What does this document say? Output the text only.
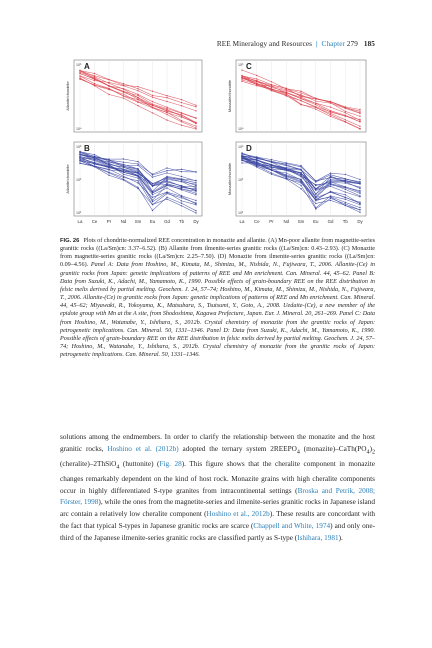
REE Mineralogy and Resources | Chapter 279 185
10⁶
10⁴
A
Allanite/chondrite
10⁶
10⁴
C
Monazite/chondrite
10⁶
10³
10²
B
Allanite/chondrite
La Ce Pr Nd Sm Eu Gd Tb Dy
10⁶
10³
10²
D
Monazite/chondrite
La Ce Pr Nd Sm Eu Gd Tb Dy
FIG. 26 Plots of chondrite-normalized REE concentration in monazite and allanite. (A) Mn-poor allanite from magnetite-series granitic rocks ((La/Sm)cn: 3.37–6.52). (B) Allanite from ilmenite-series granitic rocks ((La/Sm)cn: 0.43–2.93). (C) Monazite from magnetite-series granitic rocks ((La/Sm)cn: 2.25–7.50). (D) Monazite from ilmenite-series granitic rocks ((La/Sm)cn: 0.09–4.56). Panel A: Data from Hoshino, M., Kimata, M., Shimizu, M., Nishida, N., Fujiwara, T., 2006. Allanite-(Ce) in granitic rocks from Japan: genetic implications of patterns of REE and Mn enrichment. Can. Mineral. 44, 45–62. Panel B: Data from Suzuki, K., Adachi, M., Yamamoto, K., 1990. Possible effects of grain-boundary REE on the REE distribution in felsic melts derived by partial melting. Geochem. J. 24, 57–74; Hoshino, M., Kimata, M., Shimizu, M., Nishida, N., Fujiwara, T., 2006. Allanite-(Ce) in granitic rocks from Japan: genetic implications of patterns of REE and Mn enrichment. Can. Mineral. 44, 45–62; Miyawaki, R., Yokoyama, K., Matsubara, S., Tsutsumi, Y., Goto, A., 2008. Uedaite-(Ce), a new member of the epidote group with Mn at the A site, from Shodoshima, Kagawa Prefecture, Japan. Eur. J. Mineral. 20, 261–269. Panel C: Data from Hoshino, M., Watanabe, Y., Ishihara, S., 2012b. Crystal chemistry of monazite from the granitic rocks of Japan: petrogenetic implications. Can. Mineral. 50, 1331–1346. Panel D: Data from Suzuki, K., Adachi, M., Yamamoto, K., 1990. Possible effects of grain-boundary REE on the REE distribution in felsic melts derived by partial melting. Geochem. J. 24, 57–74; Hoshino, M., Watanabe, Y., Ishihara, S., 2012b. Crystal chemistry of monazite from the granitic rocks of Japan: petrogenetic implications. Can. Mineral. 50, 1331–1346.
solutions among the endmembers. In order to clarify the relationship between the monazite and the host granitic rocks, Hoshino et al. (2012b) adopted the ternary system $2REEPO_4$ $(monazite)-CaTh(PO_4)_2$ (cheralite)–2ThSiO$_4$ (huttonite) (Fig. 28). This figure shows that the cheralite component in monazite changes remarkably dependent on the kind of host rock. Monazite grains with high cheralite components occur in highly differentiated S-type granites from intracontinental settings (Broska and Petrík, 2008; Förster, 1998), while the ones from the magnetite-series and ilmenite-series granitic rocks in Japanese island arc contain a relatively low cheralite component (Hoshino et al., 2012b). These results are concordant with the fact that typical S-types in Japanese granitic rocks are scarce (Chappell and White, 1974) and only one-third of the Japanese ilmenite-series granitic rocks are classified partly as S-type (Ishihara, 1981).
